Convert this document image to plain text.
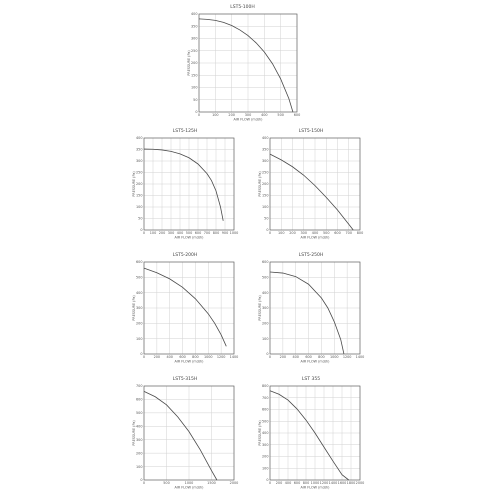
LST5-100H
0	100	200	300	400	500	600
0
50
100
150
200
250
300
350
400
AIR FLOW (m3/h)
PRESSURE (Pa)
LST5-125H
0 100 200 300 400 500 600 700 800 900 1000
0
50
100
150
200
250
300
350
400
AIR FLOW (m3/h)
PRESSURE (Pa)
LST5-150H
0 100 200 300 400 500 600 700 800
0
50
100
150
200
250
300
350
400
AIR FLOW (m3/h)
PRESSURE (Pa)
LST5-200H
0	200 400 600 800 1000 1200 1400
0
100
200
300
400
500
600
AIR FLOW (m3/h)
PRESSURE (Pa)
LST5-250H
0	200 400 600 800 1000 1200 1400
0
100
200
300
400
500
600
AIR FLOW (m3/h)
PRESSURE (Pa)
LST5-315H
0	500	1000	1500	2000
0
100
200
300
400
500
600
700
AIR FLOW (m3/h)
PRESSURE (Pa)
LST 355
0 200 400 600 800 1000 1200 1400 1600 1800 2000
0
100
200
300
400
500
600
700
800
AIR FLOW (m3/h)
PRESSURE (Pa)
